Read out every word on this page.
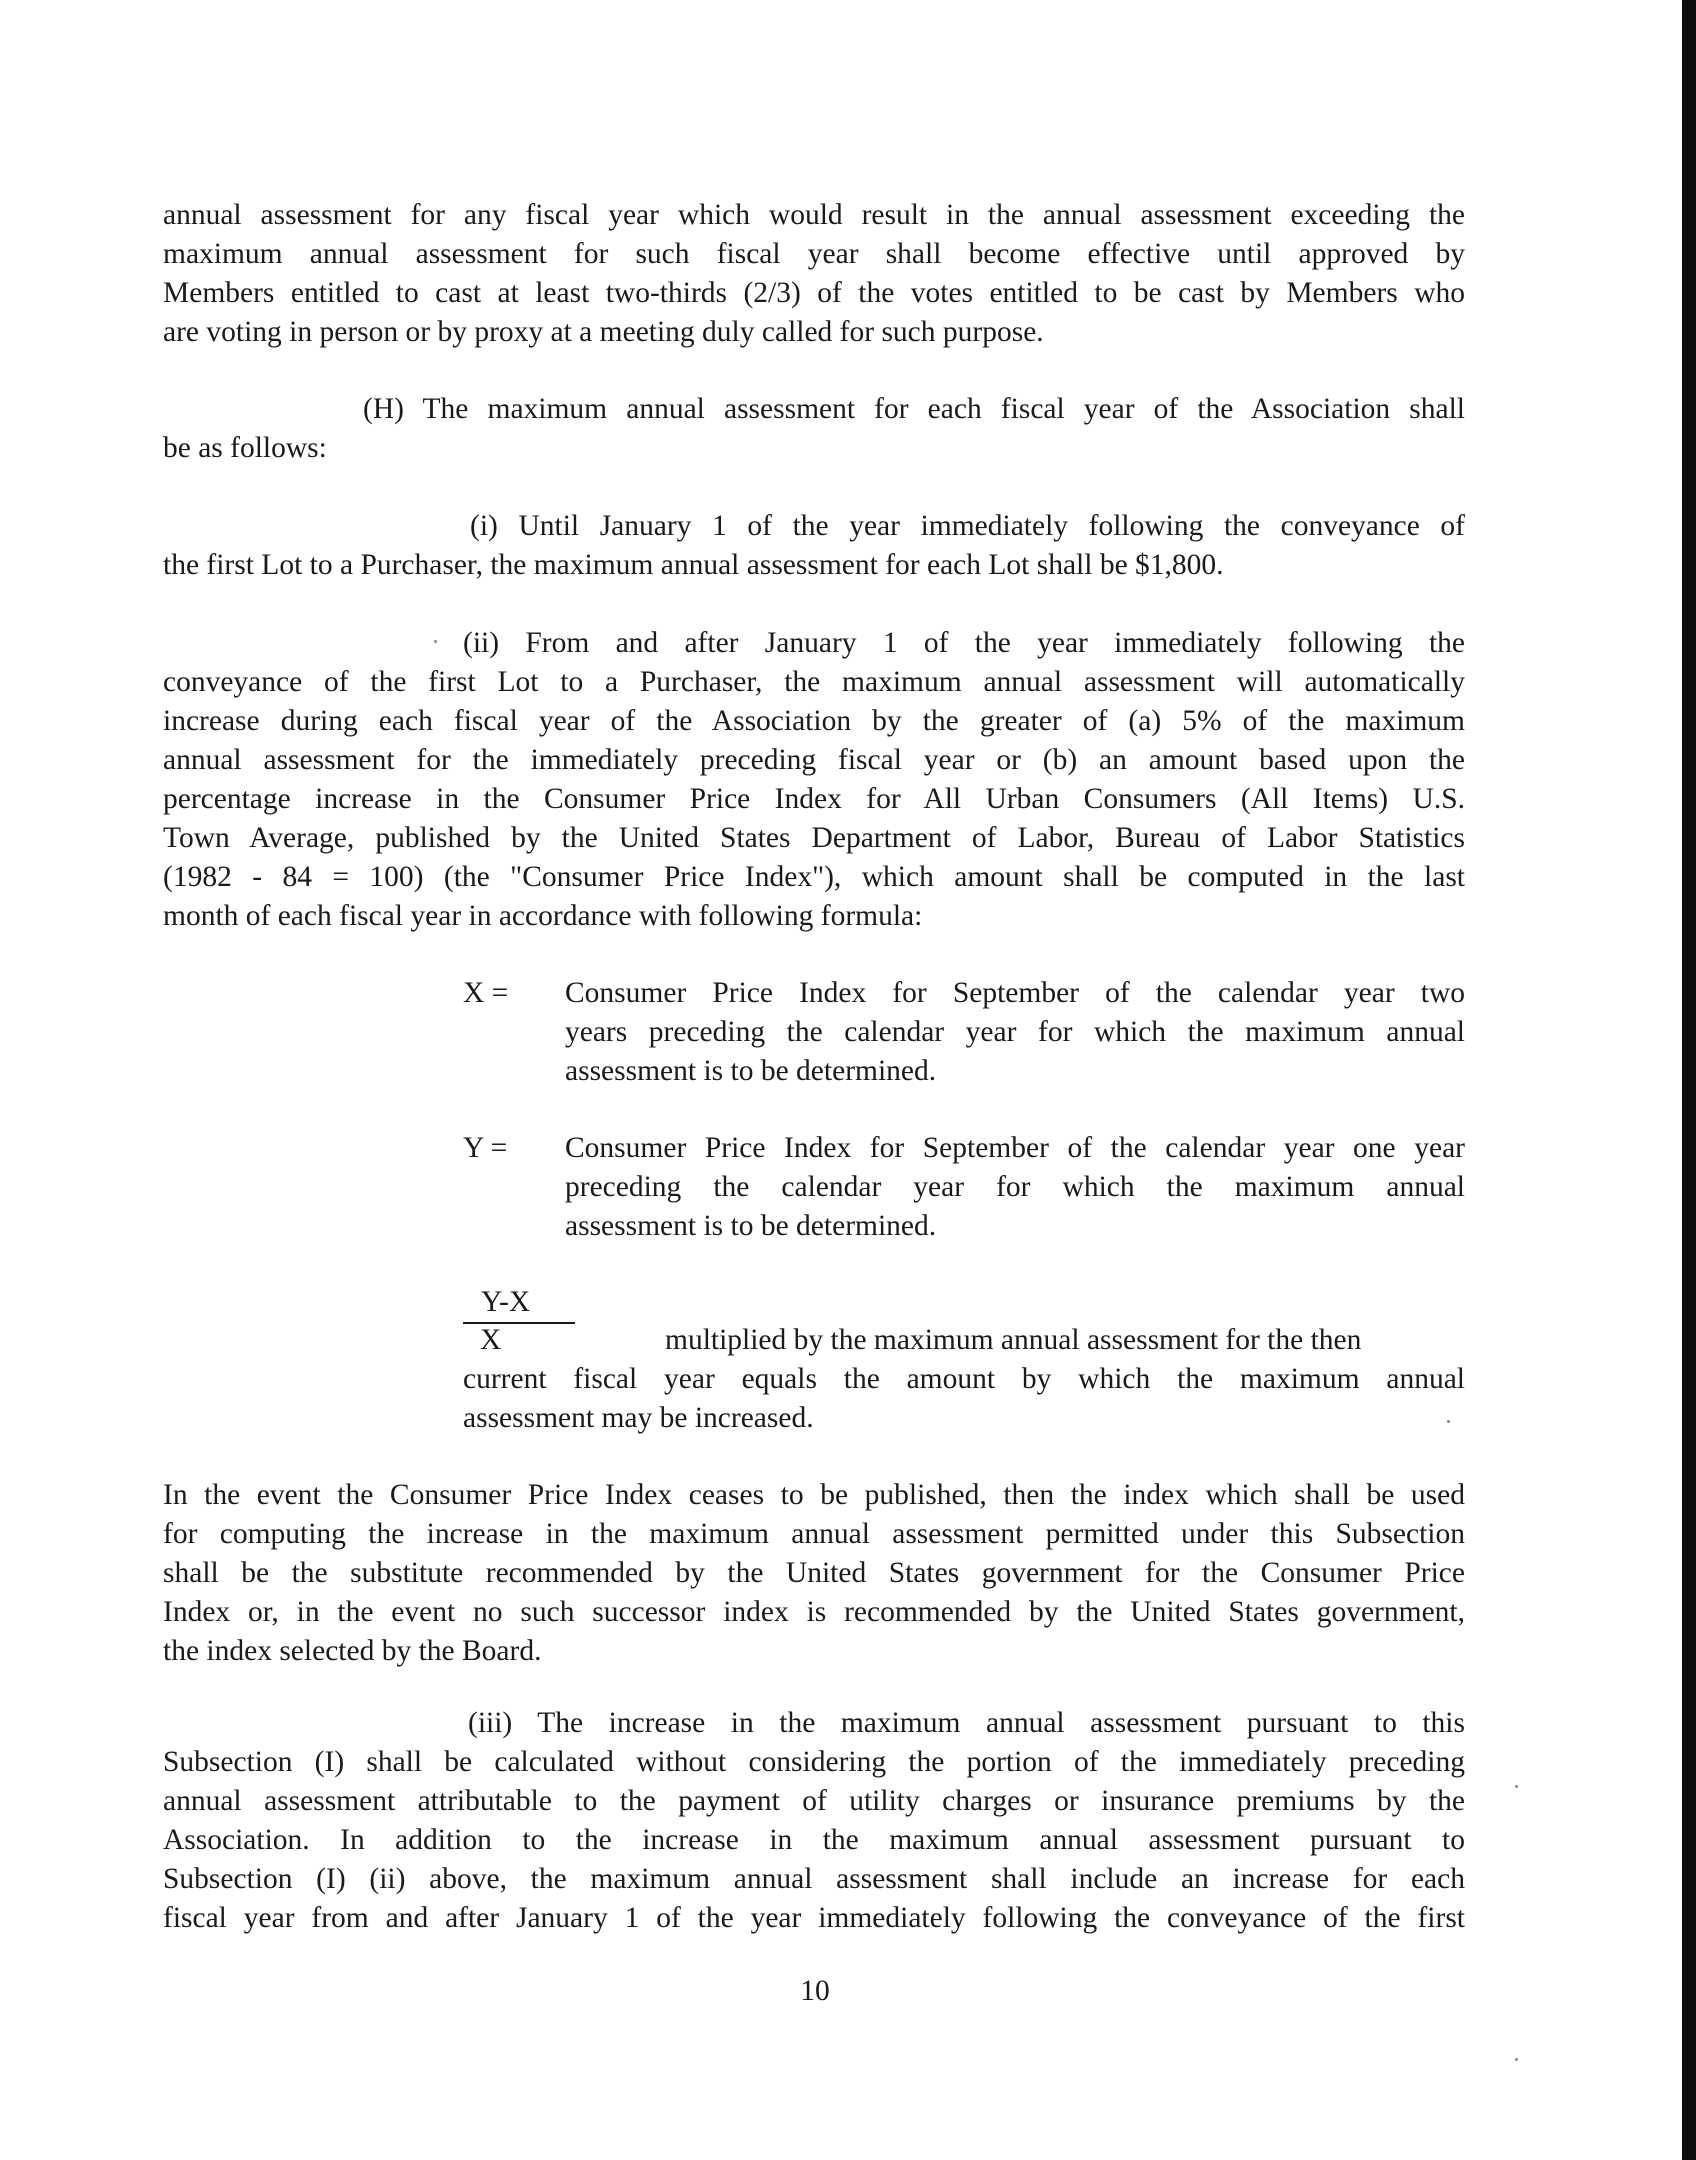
annual assessment for any fiscal year which would result in the annual assessment exceeding the
maximum annual assessment for such fiscal year shall become effective until approved by
Members entitled to cast at least two-thirds (2/3) of the votes entitled to be cast by Members who
are voting in person or by proxy at a meeting duly called for such purpose.
(H) The maximum annual assessment for each fiscal year of the Association shall
be as follows:
(i) Until January 1 of the year immediately following the conveyance of
the first Lot to a Purchaser, the maximum annual assessment for each Lot shall be $1,800.
(ii) From and after January 1 of the year immediately following the
conveyance of the first Lot to a Purchaser, the maximum annual assessment will automatically
increase during each fiscal year of the Association by the greater of (a) 5% of the maximum
annual assessment for the immediately preceding fiscal year or (b) an amount based upon the
percentage increase in the Consumer Price Index for All Urban Consumers (All Items) U.S.
Town Average, published by the United States Department of Labor, Bureau of Labor Statistics
(1982 - 84 = 100) (the "Consumer Price Index"), which amount shall be computed in the last
month of each fiscal year in accordance with following formula:
X = Consumer Price Index for September of the calendar year two
years preceding the calendar year for which the maximum annual
assessment is to be determined.
Y = Consumer Price Index for September of the calendar year one year
preceding the calendar year for which the maximum annual
assessment is to be determined.
Y-X
X	multiplied by the maximum annual assessment for the then
current fiscal year equals the amount by which the maximum annual
assessment may be increased.
In the event the Consumer Price Index ceases to be published, then the index which shall be used
for computing the increase in the maximum annual assessment permitted under this Subsection
shall be the substitute recommended by the United States government for the Consumer Price
Index or, in the event no such successor index is recommended by the United States government,
the index selected by the Board.
(iii) The increase in the maximum annual assessment pursuant to this
Subsection (I) shall be calculated without considering the portion of the immediately preceding
annual assessment attributable to the payment of utility charges or insurance premiums by the
Association. In addition to the increase in the maximum annual assessment pursuant to
Subsection (I) (ii) above, the maximum annual assessment shall include an increase for each
fiscal year from and after January 1 of the year immediately following the conveyance of the first
10
